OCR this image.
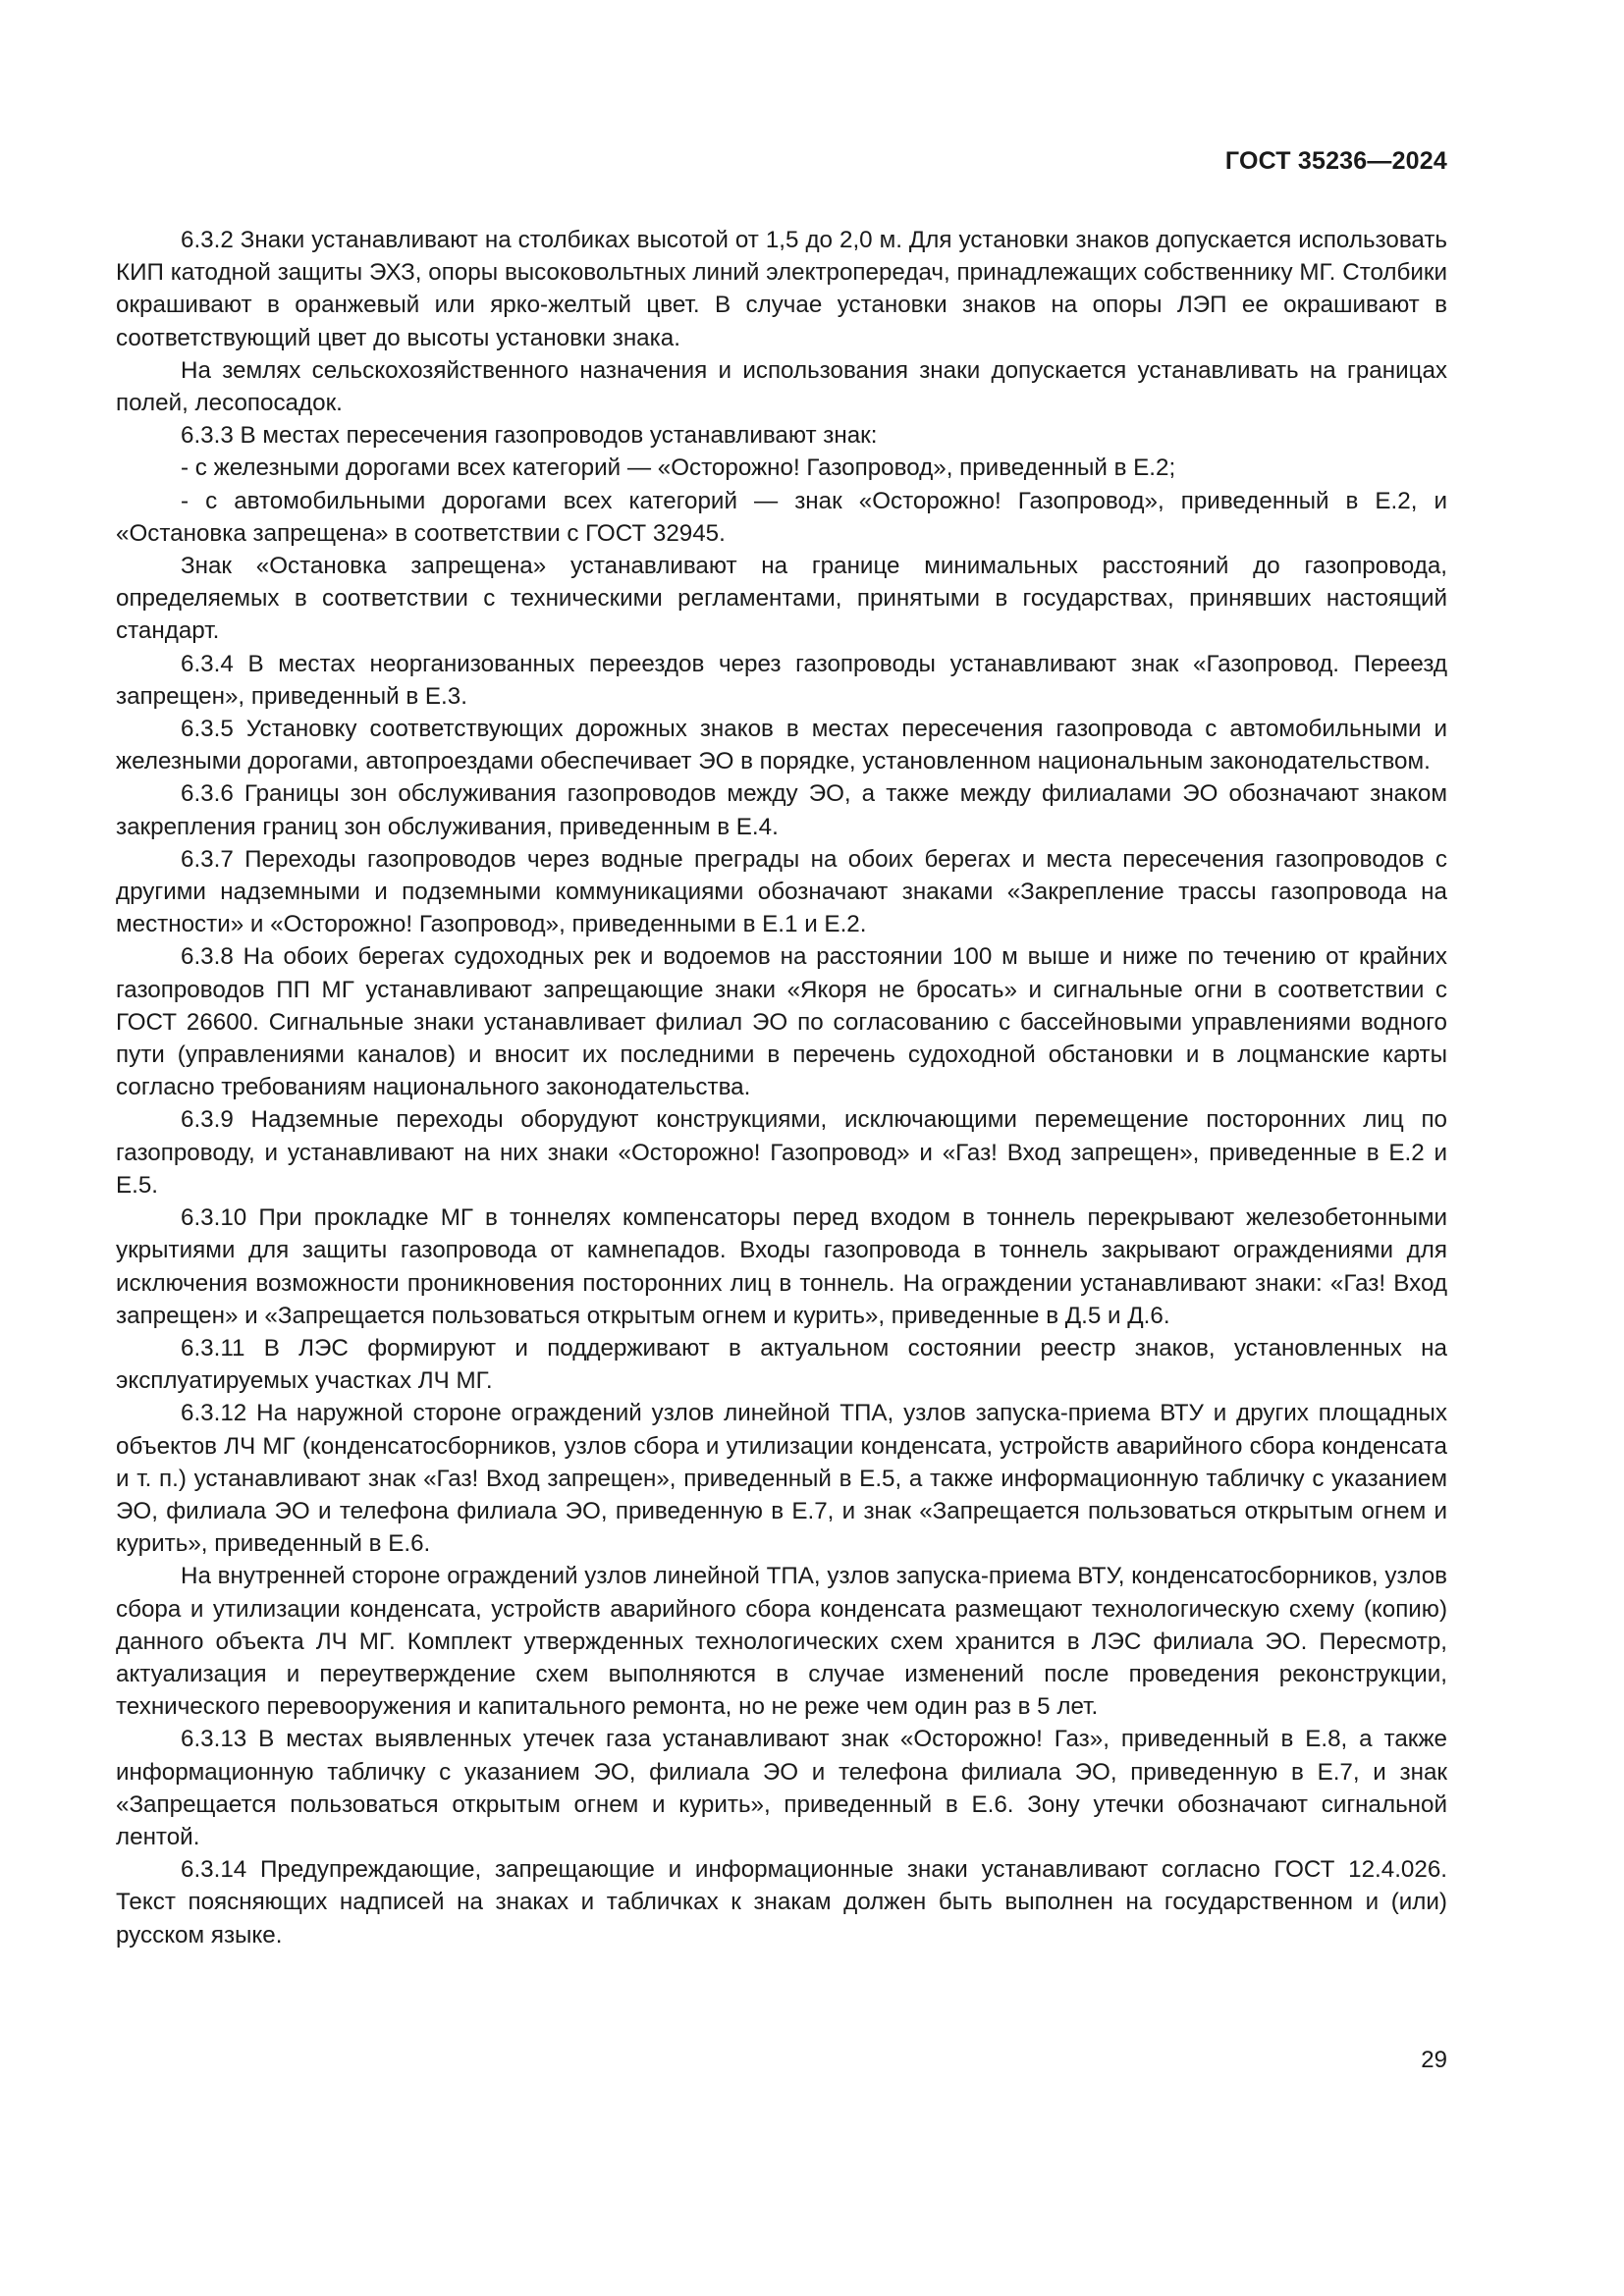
ГОСТ 35236—2024

6.3.2 Знаки устанавливают на столбиках высотой от 1,5 до 2,0 м. Для установки знаков допускается использовать КИП катодной защиты ЭХЗ, опоры высоковольтных линий электропередач, принадлежащих собственнику МГ. Столбики окрашивают в оранжевый или ярко-желтый цвет. В случае установки знаков на опоры ЛЭП ее окрашивают в соответствующий цвет до высоты установки знака.

На землях сельскохозяйственного назначения и использования знаки допускается устанавливать на границах полей, лесопосадок.

6.3.3 В местах пересечения газопроводов устанавливают знак:

- с железными дорогами всех категорий — «Осторожно! Газопровод», приведенный в Е.2;

- с автомобильными дорогами всех категорий — знак «Осторожно! Газопровод», приведенный в Е.2, и «Остановка запрещена» в соответствии с ГОСТ 32945.

Знак «Остановка запрещена» устанавливают на границе минимальных расстояний до газопровода, определяемых в соответствии с техническими регламентами, принятыми в государствах, принявших настоящий стандарт.

6.3.4 В местах неорганизованных переездов через газопроводы устанавливают знак «Газопровод. Переезд запрещен», приведенный в Е.3.

6.3.5 Установку соответствующих дорожных знаков в местах пересечения газопровода с автомобильными и железными дорогами, автопроездами обеспечивает ЭО в порядке, установленном национальным законодательством.

6.3.6 Границы зон обслуживания газопроводов между ЭО, а также между филиалами ЭО обозначают знаком закрепления границ зон обслуживания, приведенным в Е.4.

6.3.7 Переходы газопроводов через водные преграды на обоих берегах и места пересечения газопроводов с другими надземными и подземными коммуникациями обозначают знаками «Закрепление трассы газопровода на местности» и «Осторожно! Газопровод», приведенными в Е.1 и Е.2.

6.3.8 На обоих берегах судоходных рек и водоемов на расстоянии 100 м выше и ниже по течению от крайних газопроводов ПП МГ устанавливают запрещающие знаки «Якоря не бросать» и сигнальные огни в соответствии с ГОСТ 26600. Сигнальные знаки устанавливает филиал ЭО по согласованию с бассейновыми управлениями водного пути (управлениями каналов) и вносит их последними в перечень судоходной обстановки и в лоцманские карты согласно требованиям национального законодательства.

6.3.9 Надземные переходы оборудуют конструкциями, исключающими перемещение посторонних лиц по газопроводу, и устанавливают на них знаки «Осторожно! Газопровод» и «Газ! Вход запрещен», приведенные в Е.2 и Е.5.

6.3.10 При прокладке МГ в тоннелях компенсаторы перед входом в тоннель перекрывают железобетонными укрытиями для защиты газопровода от камнепадов. Входы газопровода в тоннель закрывают ограждениями для исключения возможности проникновения посторонних лиц в тоннель. На ограждении устанавливают знаки: «Газ! Вход запрещен» и «Запрещается пользоваться открытым огнем и курить», приведенные в Д.5 и Д.6.

6.3.11 В ЛЭС формируют и поддерживают в актуальном состоянии реестр знаков, установленных на эксплуатируемых участках ЛЧ МГ.

6.3.12 На наружной стороне ограждений узлов линейной ТПА, узлов запуска-приема ВТУ и других площадных объектов ЛЧ МГ (конденсатосборников, узлов сбора и утилизации конденсата, устройств аварийного сбора конденсата и т. п.) устанавливают знак «Газ! Вход запрещен», приведенный в Е.5, а также информационную табличку с указанием ЭО, филиала ЭО и телефона филиала ЭО, приведенную в Е.7, и знак «Запрещается пользоваться открытым огнем и курить», приведенный в Е.6.

На внутренней стороне ограждений узлов линейной ТПА, узлов запуска-приема ВТУ, конденсатосборников, узлов сбора и утилизации конденсата, устройств аварийного сбора конденсата размещают технологическую схему (копию) данного объекта ЛЧ МГ. Комплект утвержденных технологических схем хранится в ЛЭС филиала ЭО. Пересмотр, актуализация и переутверждение схем выполняются в случае изменений после проведения реконструкции, технического перевооружения и капитального ремонта, но не реже чем один раз в 5 лет.

6.3.13 В местах выявленных утечек газа устанавливают знак «Осторожно! Газ», приведенный в Е.8, а также информационную табличку с указанием ЭО, филиала ЭО и телефона филиала ЭО, приведенную в Е.7, и знак «Запрещается пользоваться открытым огнем и курить», приведенный в Е.6. Зону утечки обозначают сигнальной лентой.

6.3.14 Предупреждающие, запрещающие и информационные знаки устанавливают согласно ГОСТ 12.4.026. Текст поясняющих надписей на знаках и табличках к знакам должен быть выполнен на государственном и (или) русском языке.

29
